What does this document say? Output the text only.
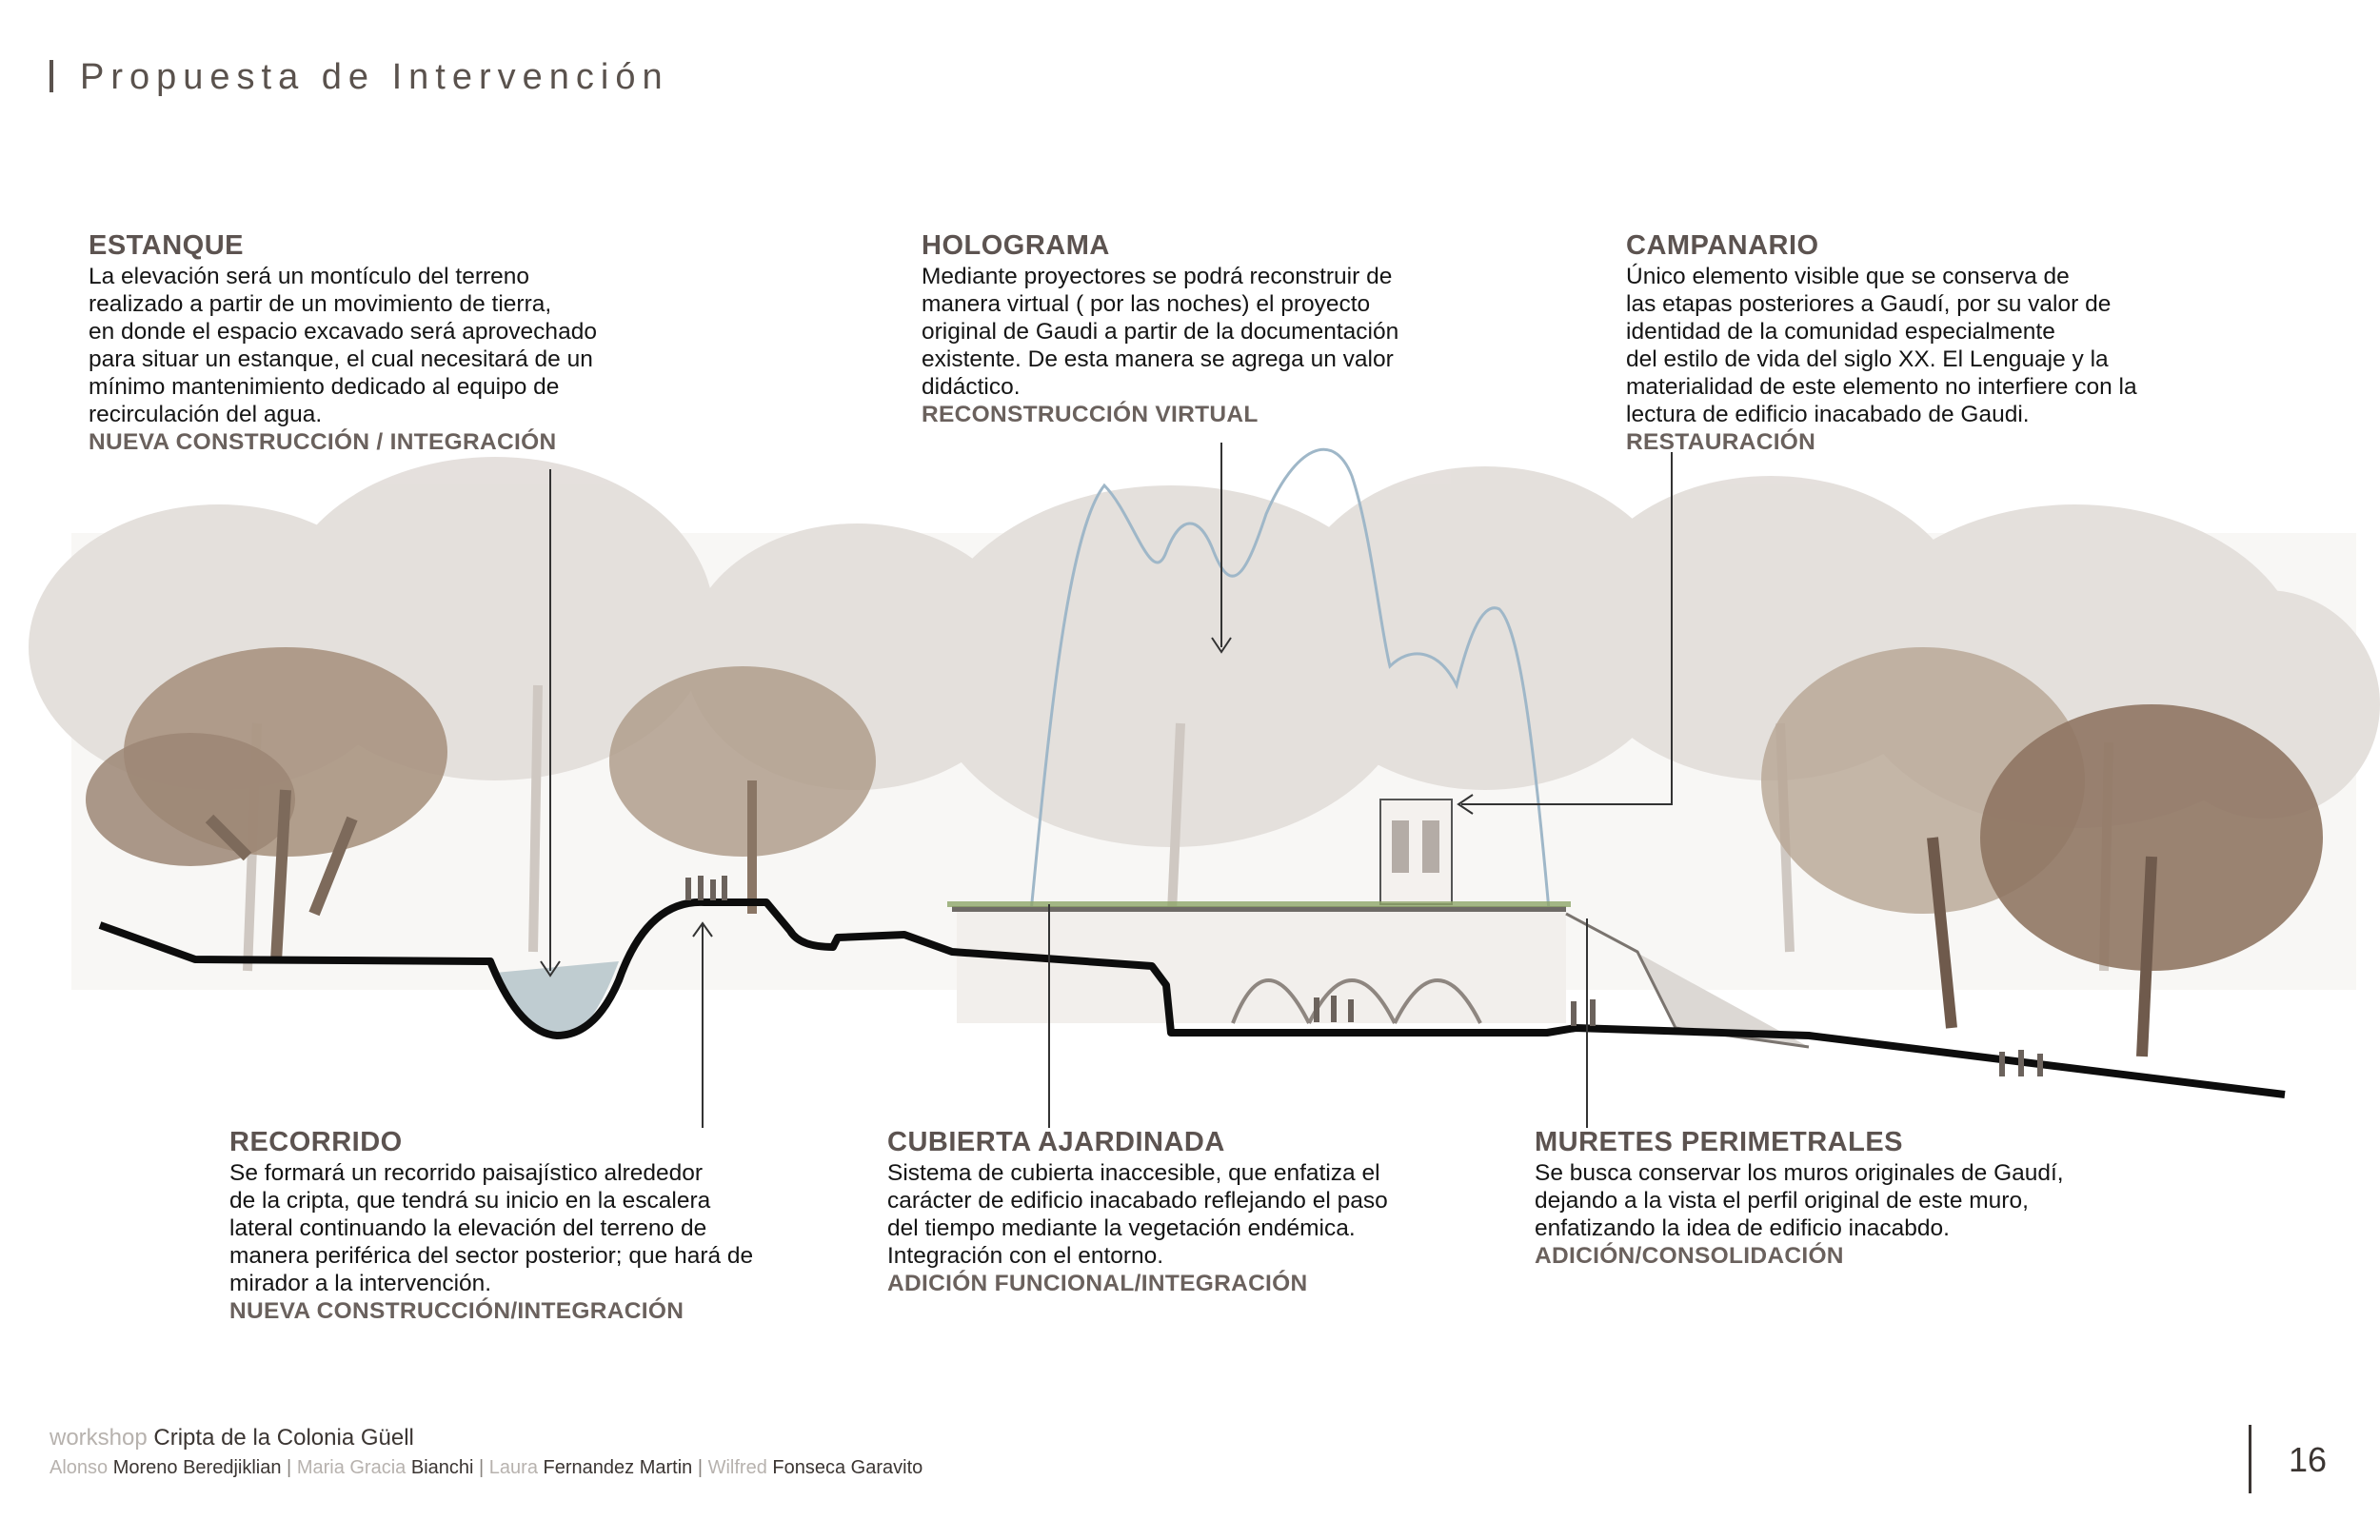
Propuesta de Intervención
ESTANQUE
La elevación será un montículo del terreno
realizado a partir de un movimiento de tierra,
en donde el espacio excavado será aprovechado
para situar un estanque, el cual necesitará de un
mínimo mantenimiento dedicado al equipo de
recirculación del agua.
NUEVA CONSTRUCCIÓN / INTEGRACIÓN
HOLOGRAMA
Mediante proyectores se podrá reconstruir de
manera virtual ( por las noches) el proyecto
original de Gaudi a partir de la documentación
existente. De esta manera se agrega un valor
didáctico.
RECONSTRUCCIÓN VIRTUAL
CAMPANARIO
Único elemento visible que se conserva de
las etapas posteriores a Gaudí, por su valor de
identidad de la comunidad especialmente
del estilo de vida del siglo XX. El Lenguaje y la
materialidad de este elemento no interfiere con la
lectura de edificio inacabado de Gaudi.
RESTAURACIÓN
RECORRIDO
Se formará un recorrido paisajístico alrededor
de la cripta, que tendrá su inicio en la escalera
lateral continuando la elevación del terreno de
manera periférica del sector posterior; que hará de
mirador a la intervención.
NUEVA CONSTRUCCIÓN/INTEGRACIÓN
CUBIERTA AJARDINADA
Sistema de cubierta inaccesible, que enfatiza el
carácter de edificio inacabado reflejando el paso
del tiempo mediante la vegetación endémica.
Integración con el entorno.
ADICIÓN FUNCIONAL/INTEGRACIÓN
MURETES PERIMETRALES
Se busca conservar los muros originales de Gaudí,
dejando a la vista el perfil original de este muro,
enfatizando la idea de edificio inacabdo.
ADICIÓN/CONSOLIDACIÓN
workshop Cripta de la Colonia Güell
Alonso Moreno Beredjiklian | Maria Gracia Bianchi | Laura Fernandez Martin | Wilfred Fonseca Garavito	16
